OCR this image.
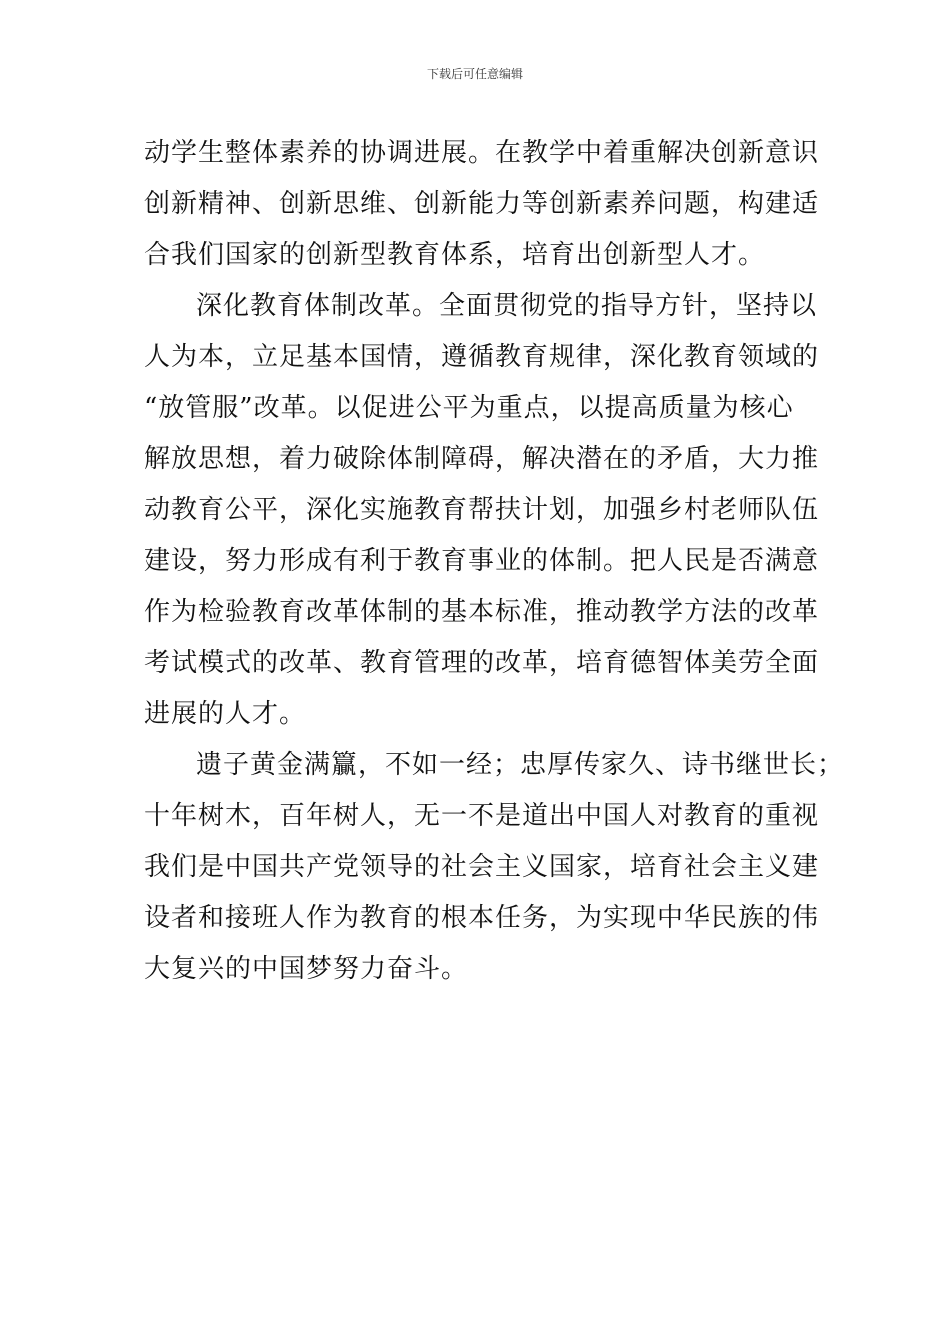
下载后可任意编辑
动学生整体素养的协调进展。在教学中着重解决创新意识
创新精神、创新思维、创新能力等创新素养问题，构建适
合我们国家的创新型教育体系，培育出创新型人才。
深化教育体制改革。全面贯彻党的指导方针，坚持以
人为本，立足基本国情，遵循教育规律，深化教育领域的
“放管服”改革。以促进公平为重点，以提高质量为核心
解放思想，着力破除体制障碍，解决潜在的矛盾，大力推
动教育公平，深化实施教育帮扶计划，加强乡村老师队伍
建设，努力形成有利于教育事业的体制。把人民是否满意
作为检验教育改革体制的基本标准，推动教学方法的改革
考试模式的改革、教育管理的改革，培育德智体美劳全面
进展的人才。
遗子黄金满籯，不如一经；忠厚传家久、诗书继世长；
十年树木，百年树人，无一不是道出中国人对教育的重视
我们是中国共产党领导的社会主义国家，培育社会主义建
设者和接班人作为教育的根本任务，为实现中华民族的伟
大复兴的中国梦努力奋斗。
